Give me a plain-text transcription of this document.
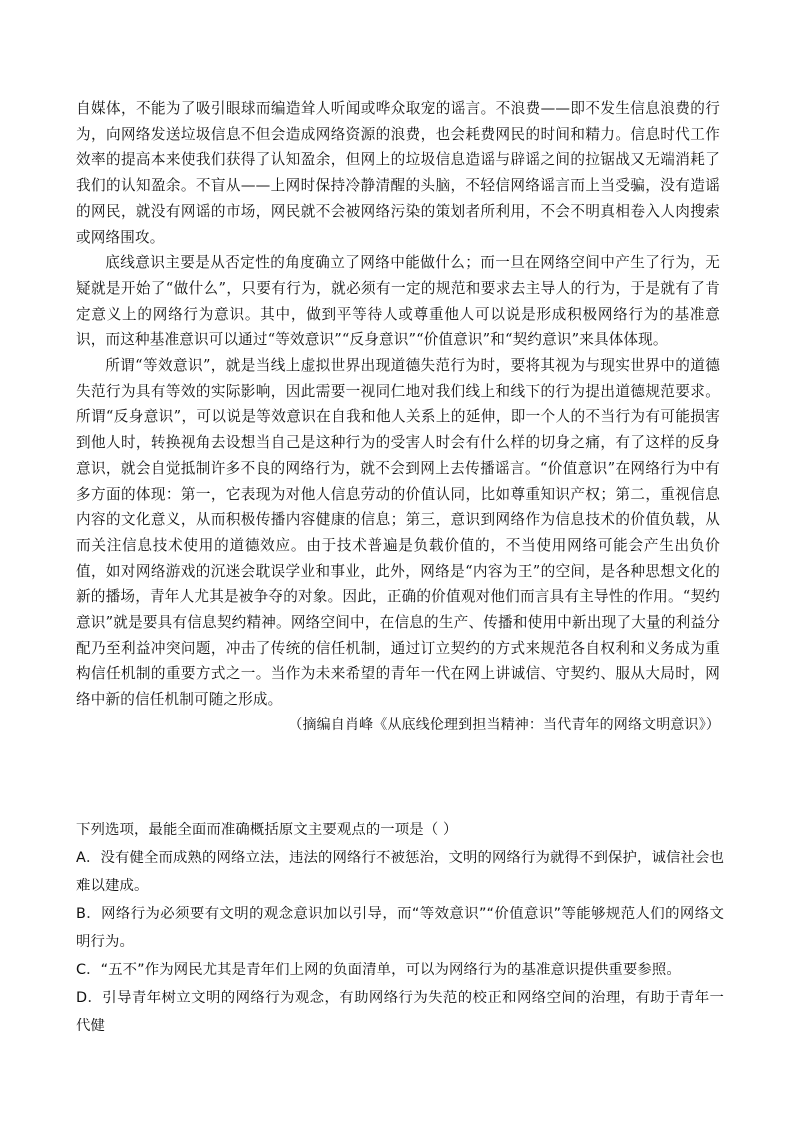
自媒体，不能为了吸引眼球而编造耸人听闻或哗众取宠的谣言。不浪费——即不发生信息浪费的行为，向网络发送垃圾信息不但会造成网络资源的浪费，也会耗费网民的时间和精力。信息时代工作效率的提高本来使我们获得了认知盈余，但网上的垃圾信息造谣与辟谣之间的拉锯战又无端消耗了我们的认知盈余。不盲从——上网时保持冷静清醒的头脑，不轻信网络谣言而上当受骗，没有造谣的网民，就没有网谣的市场，网民就不会被网络污染的策划者所利用，不会不明真相卷入人肉搜索或网络围攻。

底线意识主要是从否定性的角度确立了网络中能做什么；而一旦在网络空间中产生了行为，无疑就是开始了“做什么”，只要有行为，就必须有一定的规范和要求去主导人的行为，于是就有了肯定意义上的网络行为意识。其中，做到平等待人或尊重他人可以说是形成积极网络行为的基准意识，而这种基准意识可以通过“等效意识”“反身意识”“价值意识”和“契约意识”来具体体现。

所谓“等效意识”，就是当线上虚拟世界出现道德失范行为时，要将其视为与现实世界中的道德失范行为具有等效的实际影响，因此需要一视同仁地对我们线上和线下的行为提出道德规范要求。所谓“反身意识”，可以说是等效意识在自我和他人关系上的延伸，即一个人的不当行为有可能损害到他人时，转换视角去设想当自己是这种行为的受害人时会有什么样的切身之痛，有了这样的反身意识，就会自觉抵制许多不良的网络行为，就不会到网上去传播谣言。“价值意识”在网络行为中有多方面的体现：第一，它表现为对他人信息劳动的价值认同，比如尊重知识产权；第二，重视信息内容的文化意义，从而积极传播内容健康的信息；第三，意识到网络作为信息技术的价值负载，从而关注信息技术使用的道德效应。由于技术普遍是负载价值的，不当使用网络可能会产生出负价值，如对网络游戏的沉迷会耽误学业和事业，此外，网络是“内容为王”的空间，是各种思想文化的新的播场，青年人尤其是被争夺的对象。因此，正确的价值观对他们而言具有主导性的作用。“契约意识”就是要具有信息契约精神。网络空间中，在信息的生产、传播和使用中新出现了大量的利益分配乃至利益冲突问题，冲击了传统的信任机制，通过订立契约的方式来规范各自权利和义务成为重构信任机制的重要方式之一。当作为未来希望的青年一代在网上讲诚信、守契约、服从大局时，网络中新的信任机制可随之形成。

（摘编自肖峰《从底线伦理到担当精神：当代青年的网络文明意识》）

下列选项，最能全面而准确概括原文主要观点的一项是（ ）

A．没有健全而成熟的网络立法，违法的网络行不被惩治，文明的网络行为就得不到保护，诚信社会也难以建成。

B．网络行为必须要有文明的观念意识加以引导，而“等效意识”“价值意识”等能够规范人们的网络文明行为。

C．“五不”作为网民尤其是青年们上网的负面清单，可以为网络行为的基准意识提供重要参照。

D．引导青年树立文明的网络行为观念，有助网络行为失范的校正和网络空间的治理，有助于青年一代健
